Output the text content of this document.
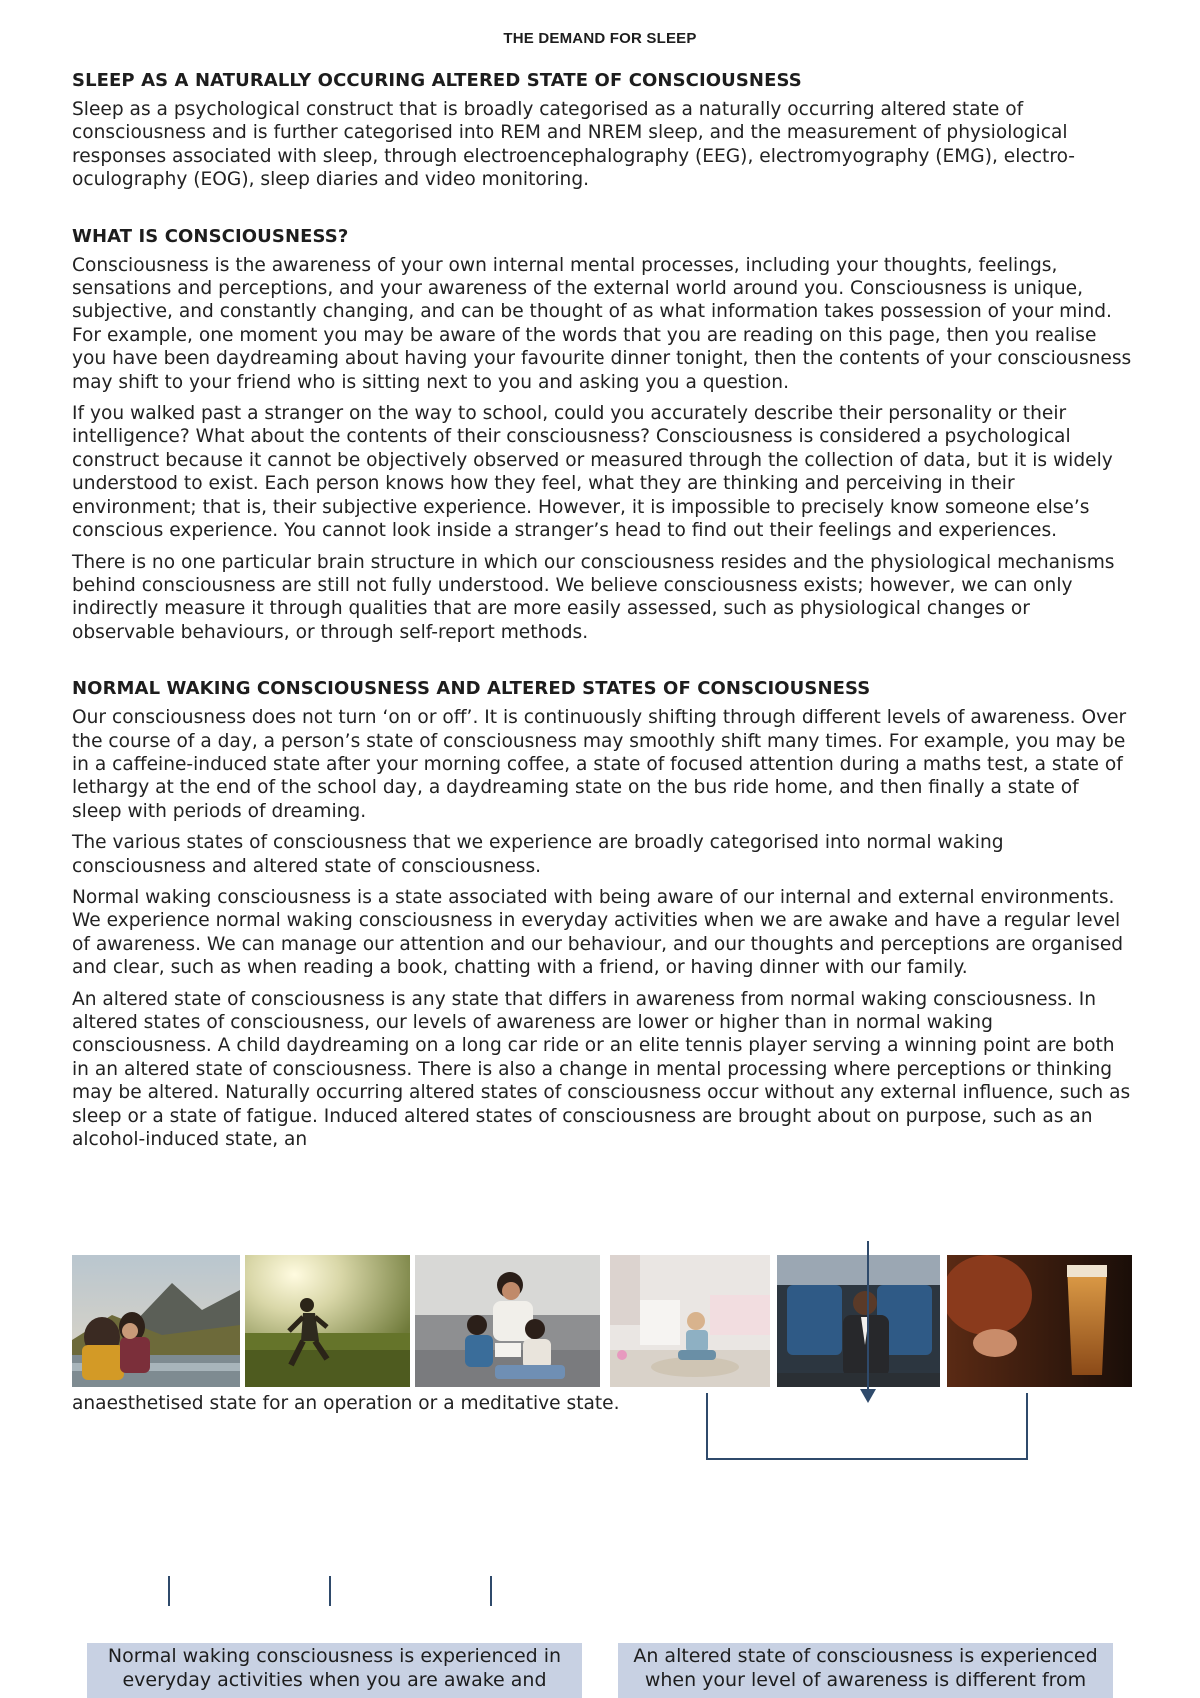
THE DEMAND FOR SLEEP
SLEEP AS A NATURALLY OCCURING ALTERED STATE OF CONSCIOUSNESS

Sleep as a psychological construct that is broadly categorised as a naturally occurring altered state of consciousness and is further categorised into REM and NREM sleep, and the measurement of physiological responses associated with sleep, through electroencephalography (EEG), electromyography (EMG), electro-oculography (EOG), sleep diaries and video monitoring.

WHAT IS CONSCIOUSNESS?

Consciousness is the awareness of your own internal mental processes, including your thoughts, feelings, sensations and perceptions, and your awareness of the external world around you. Consciousness is unique, subjective, and constantly changing, and can be thought of as what information takes possession of your mind. For example, one moment you may be aware of the words that you are reading on this page, then you realise you have been daydreaming about having your favourite dinner tonight, then the contents of your consciousness may shift to your friend who is sitting next to you and asking you a question.

If you walked past a stranger on the way to school, could you accurately describe their personality or their intelligence? What about the contents of their consciousness? Consciousness is considered a psychological construct because it cannot be objectively observed or measured through the collection of data, but it is widely understood to exist. Each person knows how they feel, what they are thinking and perceiving in their environment; that is, their subjective experience. However, it is impossible to precisely know someone else’s conscious experience. You cannot look inside a stranger’s head to find out their feelings and experiences.

There is no one particular brain structure in which our consciousness resides and the physiological mechanisms behind consciousness are still not fully understood. We believe consciousness exists; however, we can only indirectly measure it through qualities that are more easily assessed, such as physiological changes or observable behaviours, or through self-report methods.

NORMAL WAKING CONSCIOUSNESS AND ALTERED STATES OF CONSCIOUSNESS

Our consciousness does not turn ‘on or off’. It is continuously shifting through different levels of awareness. Over the course of a day, a person’s state of consciousness may smoothly shift many times. For example, you may be in a caffeine-induced state after your morning coffee, a state of focused attention during a maths test, a state of lethargy at the end of the school day, a daydreaming state on the bus ride home, and then finally a state of sleep with periods of dreaming.

The various states of consciousness that we experience are broadly categorised into normal waking consciousness and altered state of consciousness.

Normal waking consciousness is a state associated with being aware of our internal and external environments. We experience normal waking consciousness in everyday activities when we are awake and have a regular level of awareness. We can manage our attention and our behaviour, and our thoughts and perceptions are organised and clear, such as when reading a book, chatting with a friend, or having dinner with our family.

An altered state of consciousness is any state that differs in awareness from normal waking consciousness. In altered states of consciousness, our levels of awareness are lower or higher than in normal waking consciousness. A child daydreaming on a long car ride or an elite tennis player serving a winning point are both in an altered state of consciousness. There is also a change in mental processing where perceptions or thinking may be altered. Naturally occurring altered states of consciousness occur without any external influence, such as sleep or a state of fatigue. Induced altered states of consciousness are brought about on purpose, such as an alcohol-induced state, an

anaesthetised state for an operation or a meditative state.
Normal waking consciousness is experienced in everyday activities when you are awake and
An altered state of consciousness is experienced when your level of awareness is different from
